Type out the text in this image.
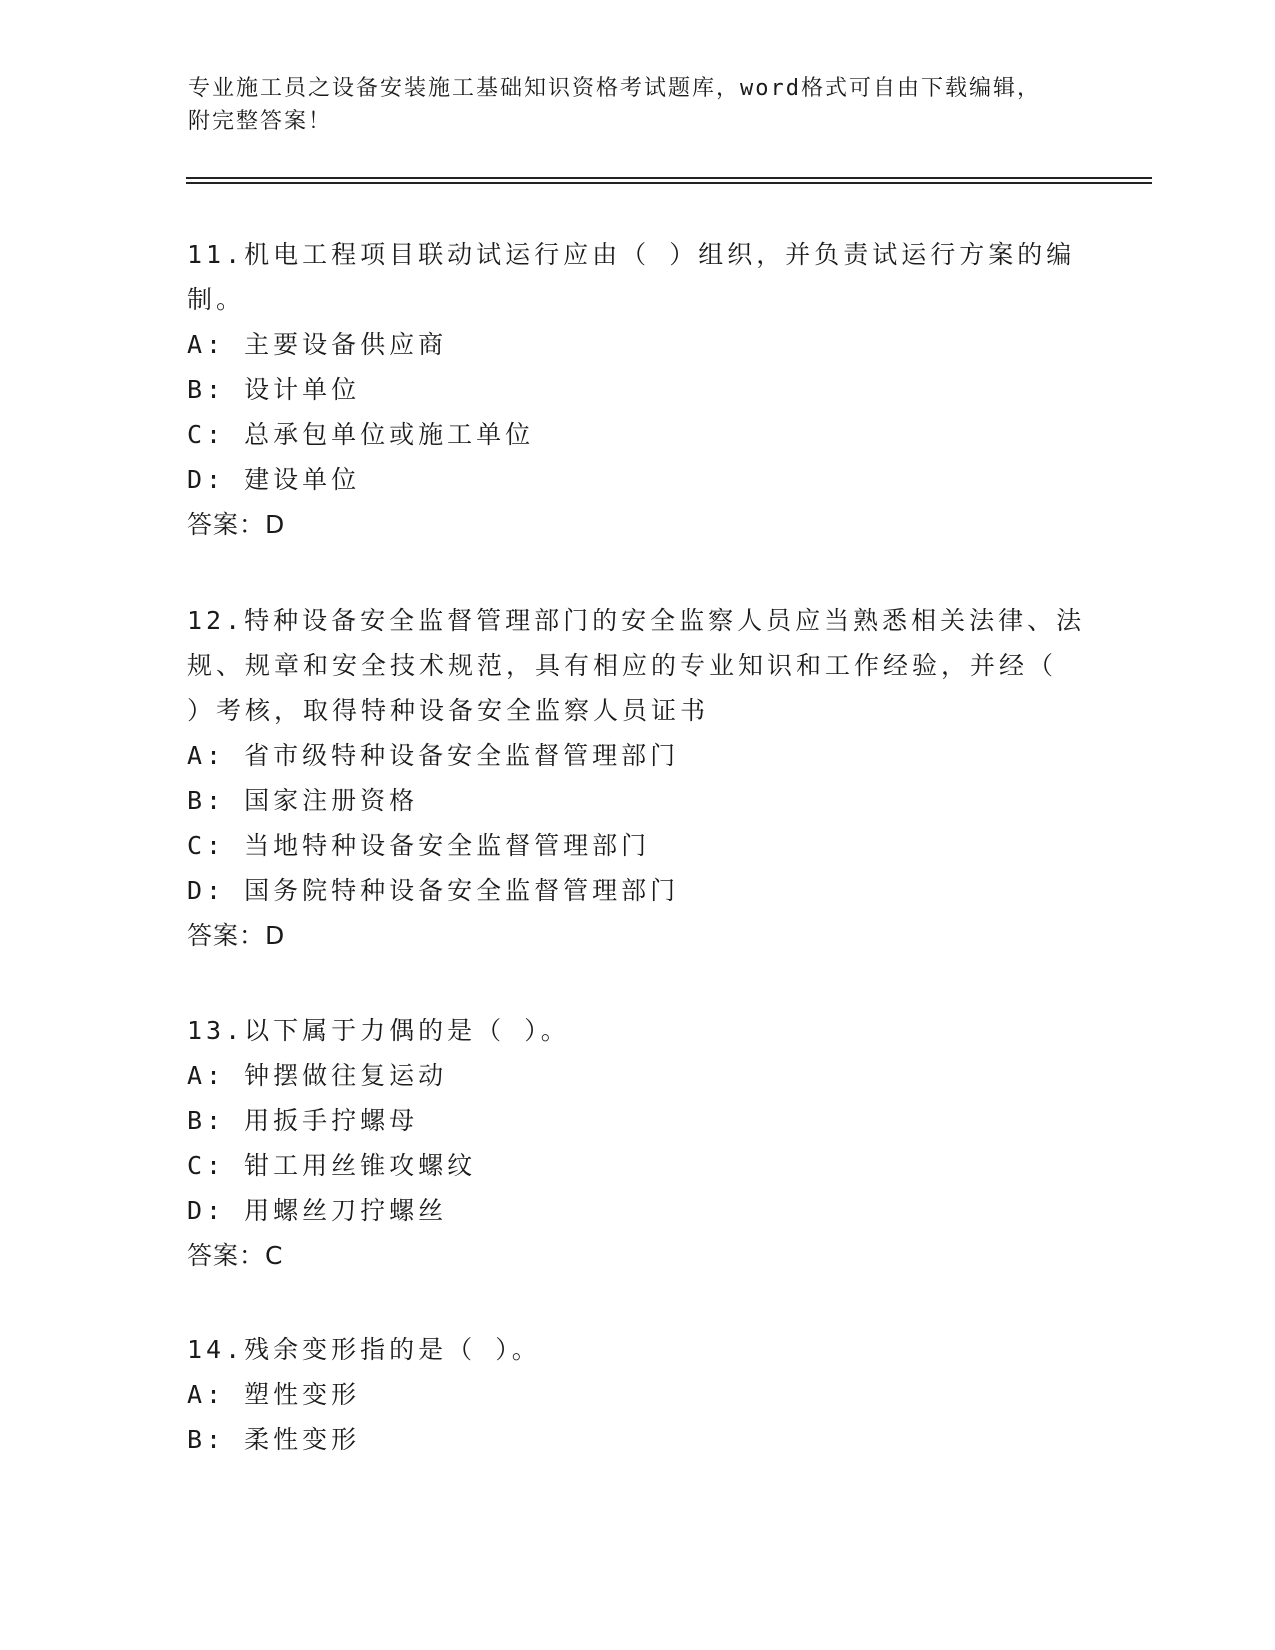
专业施工员之设备安装施工基础知识资格考试题库，word格式可自由下载编辑，
附完整答案！
11.机电工程项目联动试运行应由（ ）组织，并负责试运行方案的编
制。
A: 主要设备供应商
B: 设计单位
C: 总承包单位或施工单位
D: 建设单位
答案：D
12.特种设备安全监督管理部门的安全监察人员应当熟悉相关法律、法
规、规章和安全技术规范，具有相应的专业知识和工作经验，并经（
）考核，取得特种设备安全监察人员证书
A: 省市级特种设备安全监督管理部门
B: 国家注册资格
C: 当地特种设备安全监督管理部门
D: 国务院特种设备安全监督管理部门
答案：D
13.以下属于力偶的是（ ）。
A: 钟摆做往复运动
B: 用扳手拧螺母
C: 钳工用丝锥攻螺纹
D: 用螺丝刀拧螺丝
答案：C
14.残余变形指的是（ ）。
A: 塑性变形
B: 柔性变形
